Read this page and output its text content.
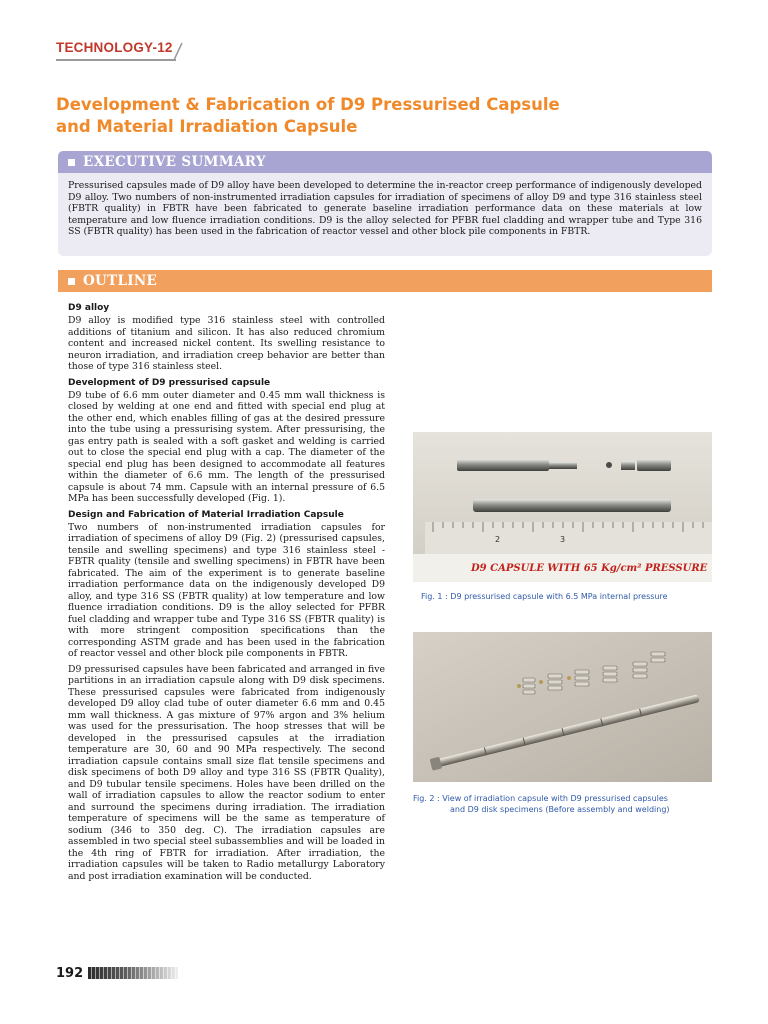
TECHNOLOGY-12
Development & Fabrication of D9 Pressurised Capsule
and Material Irradiation Capsule
EXECUTIVE SUMMARY

Pressurised capsules made of D9 alloy have been developed to determine the in-reactor creep performance of indigenously developed D9 alloy. Two numbers of non-instrumented irradiation capsules for irradiation of specimens of alloy D9 and type 316 stainless steel (FBTR quality) in FBTR have been fabricated to generate baseline irradiation performance data on these materials at low temperature and low fluence irradiation conditions. D9 is the alloy selected for PFBR fuel cladding and wrapper tube and Type 316 SS (FBTR quality) has been used in the fabrication of reactor vessel and other block pile components in FBTR.

OUTLINE
D9 alloy

D9 alloy is modified type 316 stainless steel with controlled additions of titanium and silicon. It has also reduced chromium content and increased nickel content. Its swelling resistance to neuron irradiation, and irradiation creep behavior are better than those of type 316 stainless steel.

Development of D9 pressurised capsule

D9 tube of 6.6 mm outer diameter and 0.45 mm wall thickness is closed by welding at one end and fitted with special end plug at the other end, which enables filling of gas at the desired pressure into the tube using a pressurising system. After pressurising, the gas entry path is sealed with a soft gasket and welding is carried out to close the special end plug with a cap. The diameter of the special end plug has been designed to accommodate all features within the diameter of 6.6 mm. The length of the pressurised capsule is about 74 mm. Capsule with an internal pressure of 6.5 MPa has been successfully developed (Fig. 1).

Design and Fabrication of Material Irradiation Capsule

Two numbers of non-instrumented irradiation capsules for irradiation of specimens of alloy D9 (Fig. 2) (pressurised capsules, tensile and swelling specimens) and type 316 stainless steel - FBTR quality (tensile and swelling specimens) in FBTR have been fabricated. The aim of the experiment is to generate baseline irradiation performance data on the indigenously developed D9 alloy, and type 316 SS (FBTR quality) at low temperature and low fluence irradiation conditions. D9 is the alloy selected for PFBR fuel cladding and wrapper tube and Type 316 SS (FBTR quality) is with more stringent composition specifications than the corresponding ASTM grade and has been used in the fabrication of reactor vessel and other block pile components in FBTR.

D9 pressurised capsules have been fabricated and arranged in five partitions in an irradiation capsule along with D9 disk specimens. These pressurised capsules were fabricated from indigenously developed D9 alloy clad tube of outer diameter 6.6 mm and 0.45 mm wall thickness. A gas mixture of 97% argon and 3% helium was used for the pressurisation. The hoop stresses that will be developed in the pressurised capsules at the irradiation temperature are 30, 60 and 90 MPa respectively. The second irradiation capsule contains small size flat tensile specimens and disk specimens of both D9 alloy and type 316 SS (FBTR Quality), and D9 tubular tensile specimens. Holes have been drilled on the wall of irradiation capsules to allow the reactor sodium to enter and surround the specimens during irradiation. The irradiation temperature of specimens will be the same as temperature of sodium (346 to 350 deg. C). The irradiation capsules are assembled in two special steel subassemblies and will be loaded in the 4th ring of FBTR for irradiation. After irradiation, the irradiation capsules will be taken to Radio metallurgy Laboratory and post irradiation examination will be conducted.

2	3
D9 CAPSULE WITH 65 Kg/cm² PRESSURE
Fig. 1 : D9 pressurised capsule with 6.5 MPa internal pressure
Fig. 2 : View of irradiation capsule with D9 pressurised capsules
and D9 disk specimens (Before assembly and welding)
192
